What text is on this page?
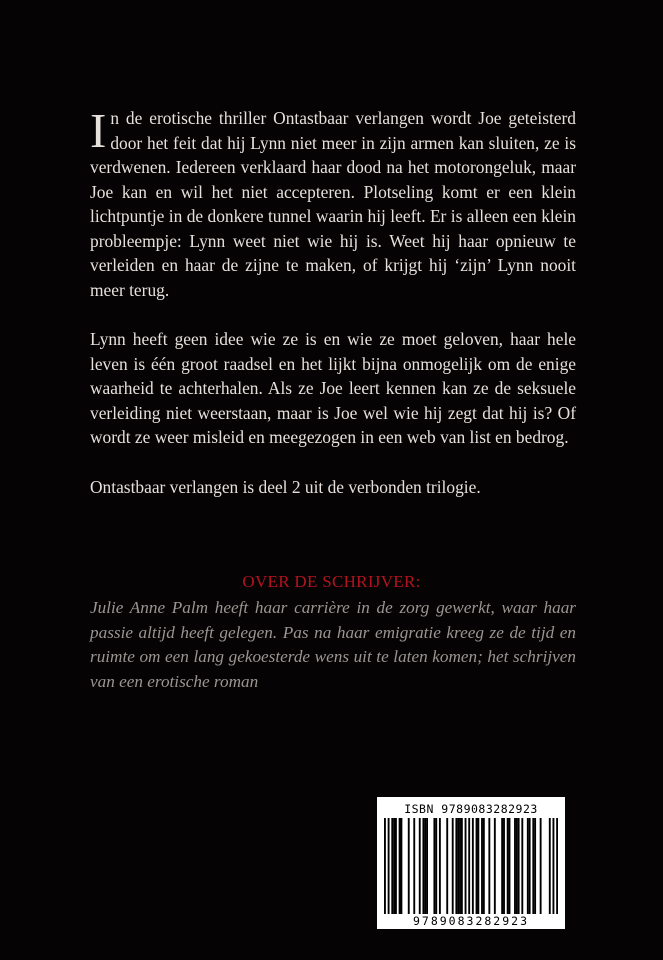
In de erotische thriller Ontastbaar verlangen wordt Joe geteisterd door het feit dat hij Lynn niet meer in zijn armen kan sluiten, ze is verdwenen. Iedereen verklaard haar dood na het motorongeluk, maar Joe kan en wil het niet accepteren. Plotseling komt er een klein lichtpuntje in de donkere tunnel waarin hij leeft. Er is alleen een klein probleempje: Lynn weet niet wie hij is. Weet hij haar opnieuw te verleiden en haar de zijne te maken, of krijgt hij ‘zijn’ Lynn nooit meer terug.

Lynn heeft geen idee wie ze is en wie ze moet geloven, haar hele leven is één groot raadsel en het lijkt bijna onmogelijk om de enige waarheid te achterhalen. Als ze Joe leert kennen kan ze de seksuele verleiding niet weerstaan, maar is Joe wel wie hij zegt dat hij is? Of wordt ze weer misleid en meegezogen in een web van list en bedrog.

Ontastbaar verlangen is deel 2 uit de verbonden trilogie.

OVER DE SCHRIJVER:
Julie Anne Palm heeft haar carrière in de zorg gewerkt, waar haar passie altijd heeft gelegen. Pas na haar emigratie kreeg ze de tijd en ruimte om een lang gekoesterde wens uit te laten komen; het schrijven van een erotische roman
ISBN 9789083282923
9789083282923
